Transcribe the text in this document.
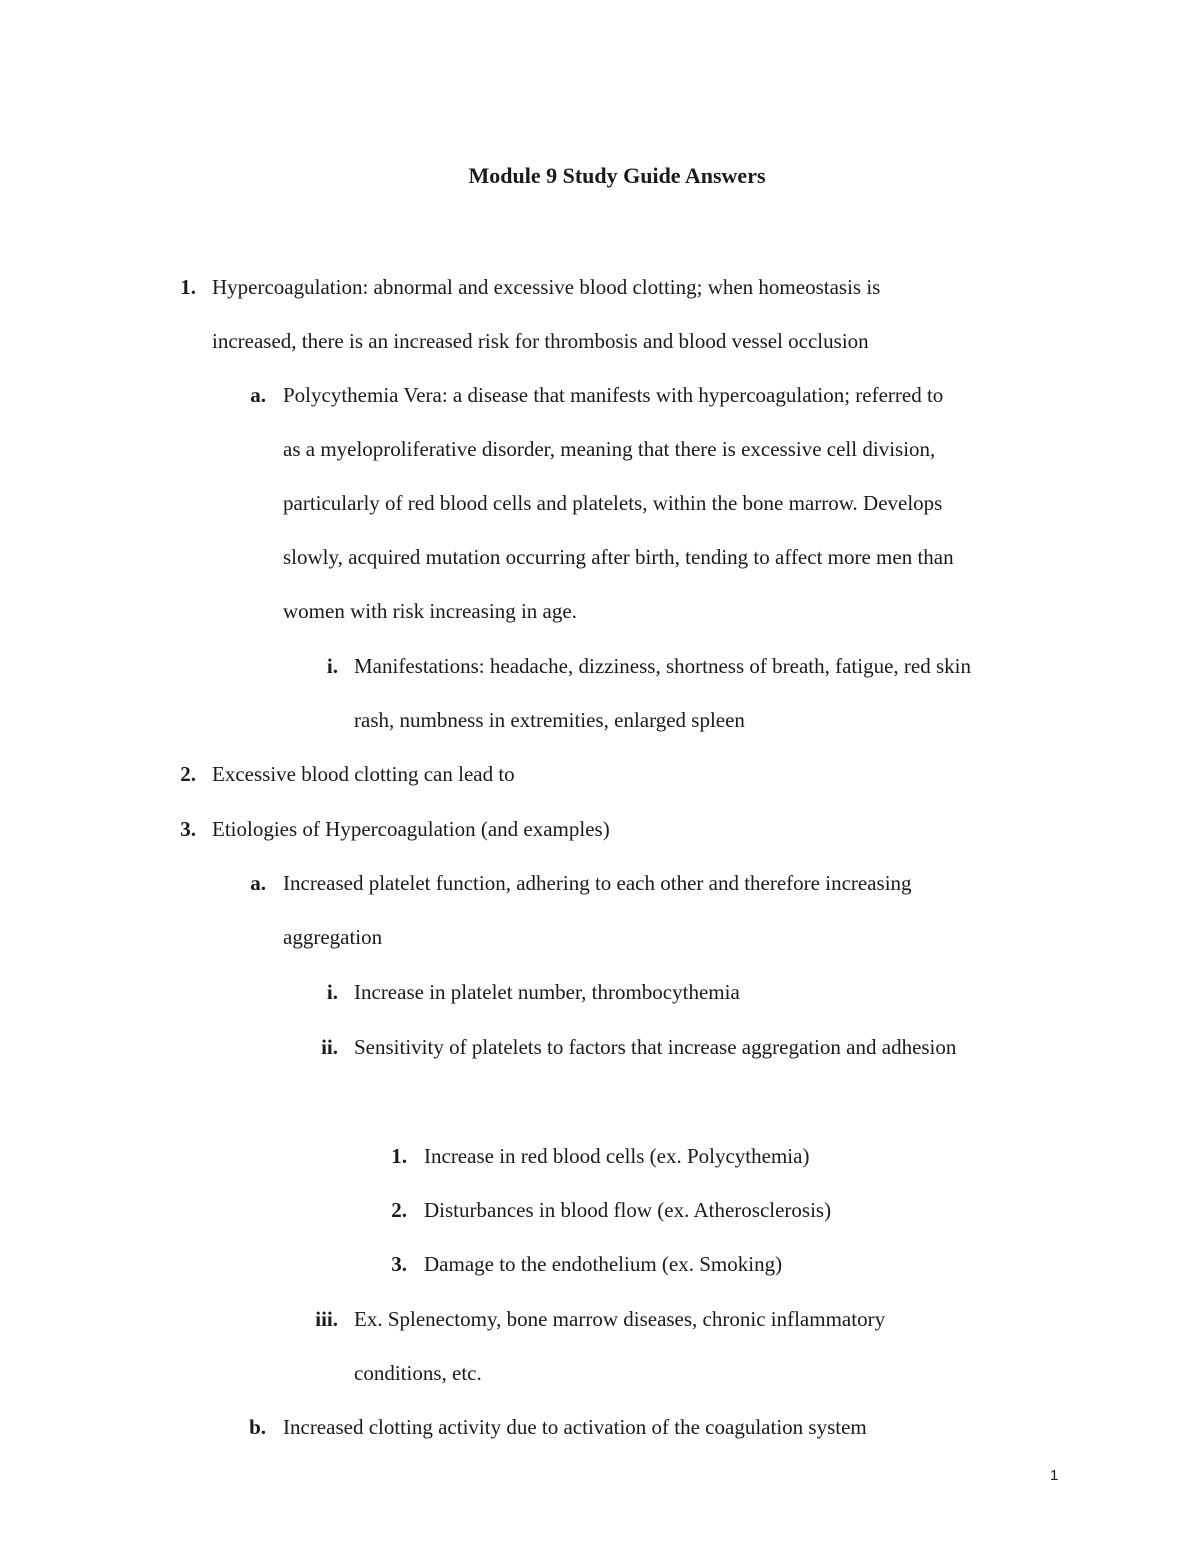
Module 9 Study Guide Answers
1. Hypercoagulation: abnormal and excessive blood clotting; when homeostasis is
increased, there is an increased risk for thrombosis and blood vessel occlusion
a. Polycythemia Vera: a disease that manifests with hypercoagulation; referred to
as a myeloproliferative disorder, meaning that there is excessive cell division,
particularly of red blood cells and platelets, within the bone marrow. Develops
slowly, acquired mutation occurring after birth, tending to affect more men than
women with risk increasing in age.
i. Manifestations: headache, dizziness, shortness of breath, fatigue, red skin
rash, numbness in extremities, enlarged spleen
2. Excessive blood clotting can lead to
3. Etiologies of Hypercoagulation (and examples)
a. Increased platelet function, adhering to each other and therefore increasing
aggregation
i. Increase in platelet number, thrombocythemia
ii. Sensitivity of platelets to factors that increase aggregation and adhesion
1. Increase in red blood cells (ex. Polycythemia)
2. Disturbances in blood flow (ex. Atherosclerosis)
3. Damage to the endothelium (ex. Smoking)
iii. Ex. Splenectomy, bone marrow diseases, chronic inflammatory
conditions, etc.
b. Increased clotting activity due to activation of the coagulation system
1
